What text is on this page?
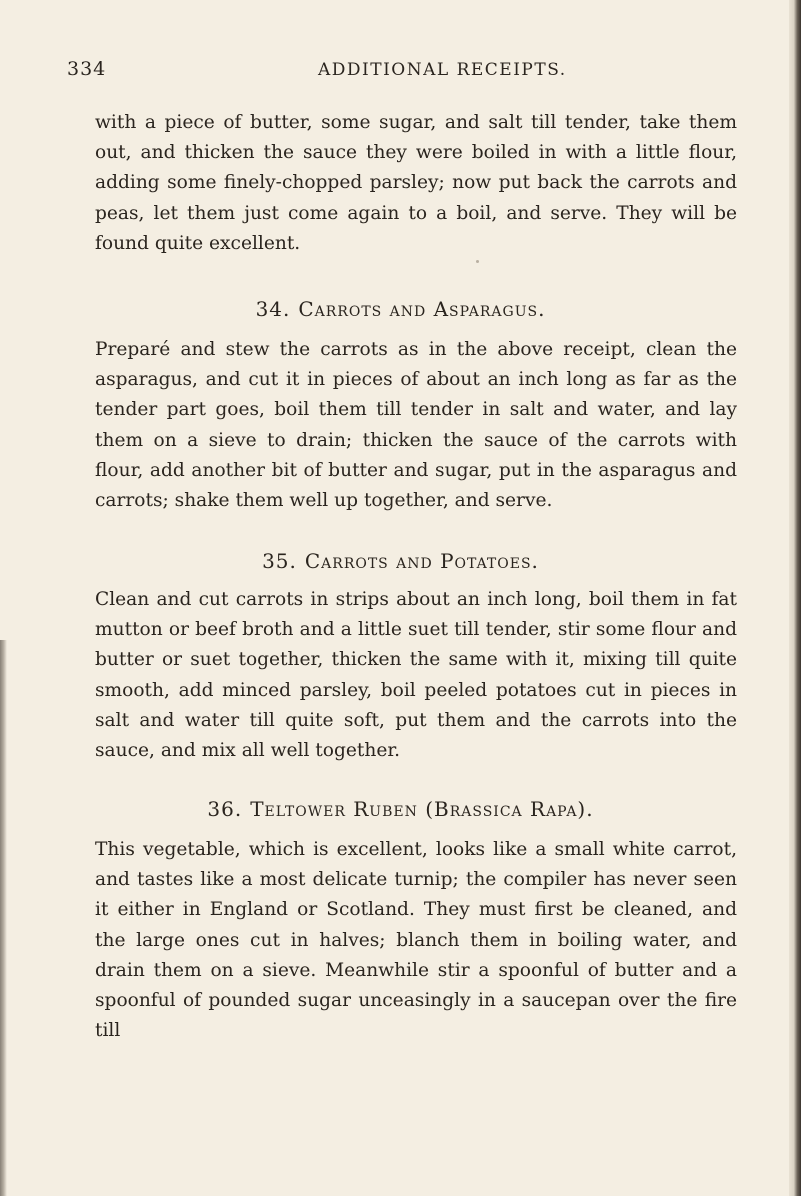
334	ADDITIONAL RECEIPTS.

with a piece of butter, some sugar, and salt till tender, take them out, and thicken the sauce they were boiled in with a little flour, adding some finely-chopped parsley; now put back the carrots and peas, let them just come again to a boil, and serve. They will be found quite excellent.

34. Carrots and Asparagus.

Preparé and stew the carrots as in the above receipt, clean the asparagus, and cut it in pieces of about an inch long as far as the tender part goes, boil them till tender in salt and water, and lay them on a sieve to drain; thicken the sauce of the carrots with flour, add another bit of butter and sugar, put in the asparagus and carrots; shake them well up together, and serve.

35. Carrots and Potatoes.

Clean and cut carrots in strips about an inch long, boil them in fat mutton or beef broth and a little suet till tender, stir some flour and butter or suet together, thicken the same with it, mixing till quite smooth, add minced parsley, boil peeled potatoes cut in pieces in salt and water till quite soft, put them and the carrots into the sauce, and mix all well together.

36. Teltower Ruben (Brassica Rapa).

This vegetable, which is excellent, looks like a small white carrot, and tastes like a most delicate turnip; the compiler has never seen it either in England or Scotland. They must first be cleaned, and the large ones cut in halves; blanch them in boiling water, and drain them on a sieve. Meanwhile stir a spoonful of butter and a spoonful of pounded sugar unceasingly in a saucepan over the fire till
